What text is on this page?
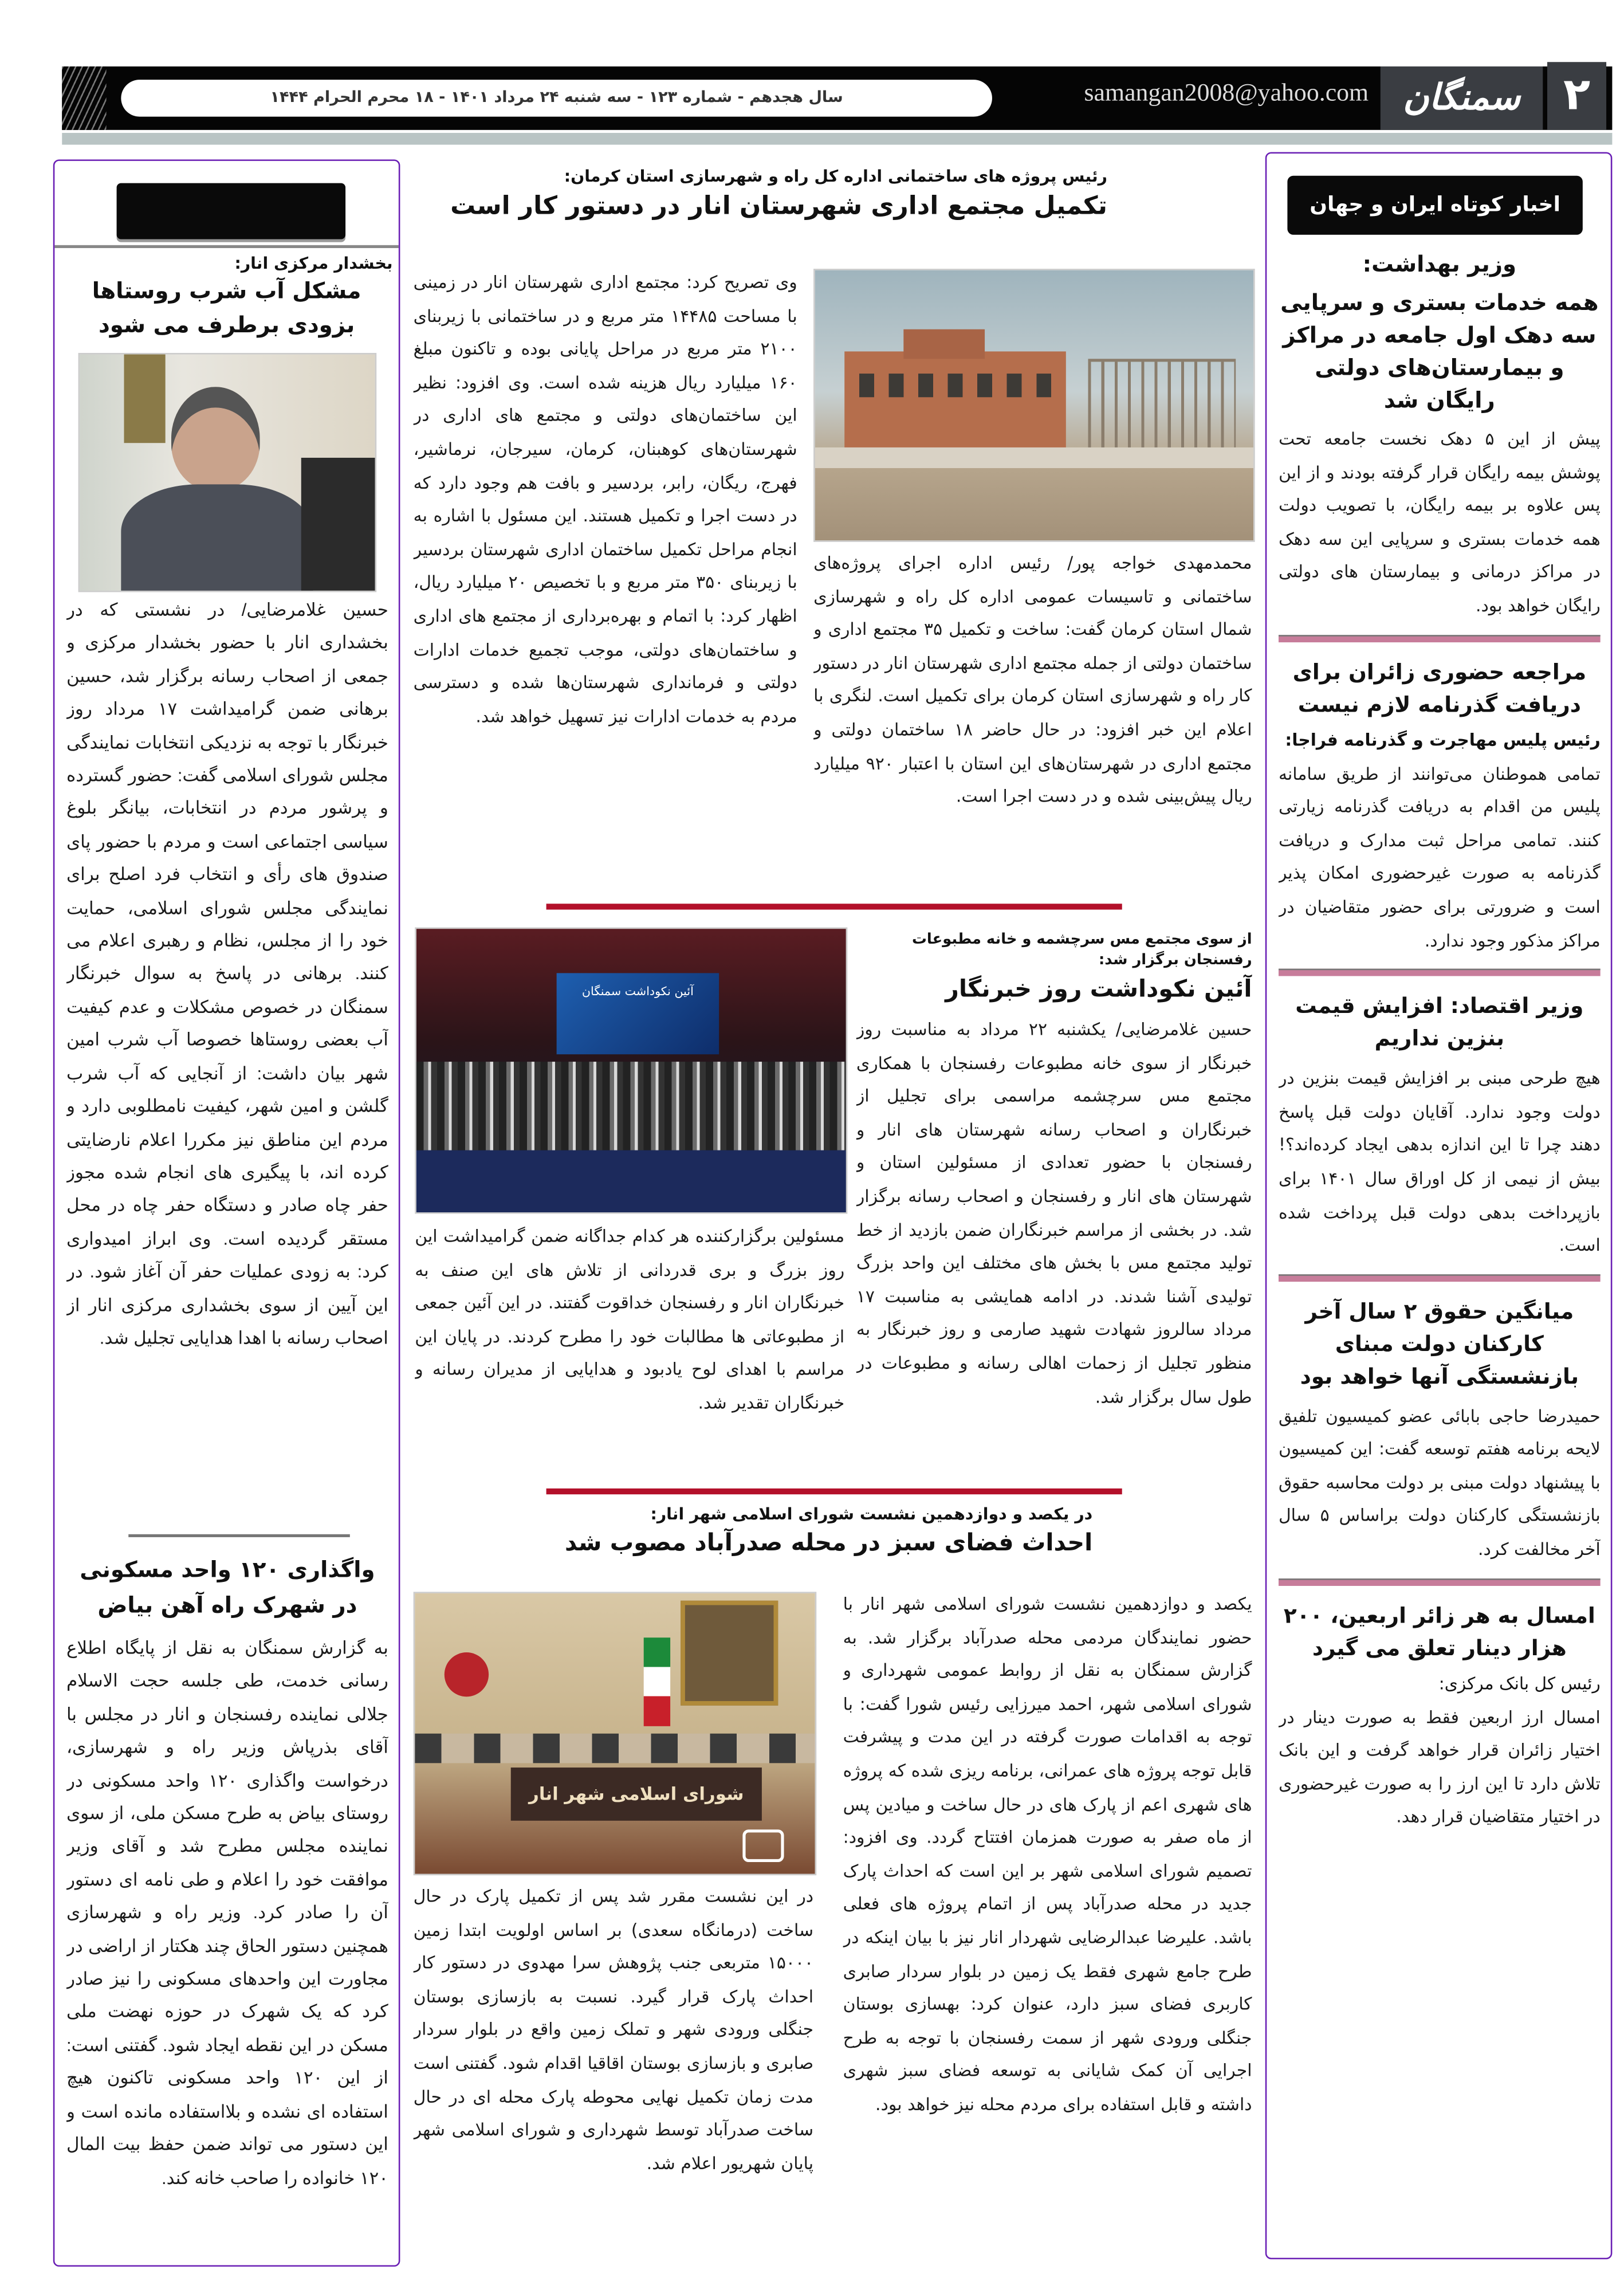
سال هجدهم - شماره ۱۲۳ - سه شنبه ۲۴ مرداد ۱۴۰۱ - ۱۸ محرم الحرام ۱۴۴۴	samangan2008@yahoo.com	سمنگان	۲
اخبار کوتاه ایران و جهان
وزیر بهداشت:
همه خدمات بستری و سرپایی سه دهک اول جامعه در مراکز و بیمارستان‌های دولتی رایگان شد
پیش از این ۵ دهک نخست جامعه تحت پوشش بیمه رایگان قرار گرفته بودند و از این پس علاوه بر بیمه رایگان، با تصویب دولت همه خدمات بستری و سرپایی این سه دهک در مراکز درمانی و بیمارستان های دولتی رایگان خواهد بود.
مراجعه حضوری زائران برای دریافت گذرنامه لازم نیست
رئیس پلیس مهاجرت و گذرنامه فراجا:
تمامی هموطنان می‌توانند از طریق سامانه پلیس من اقدام به دریافت گذرنامه زیارتی کنند. تمامی مراحل ثبت مدارک و دریافت گذرنامه به صورت غیرحضوری امکان پذیر است و ضرورتی برای حضور متقاضیان در مراکز مذکور وجود ندارد.
وزیر اقتصاد: افزایش قیمت بنزین نداریم
هیچ طرحی مبنی بر افزایش قیمت بنزین در دولت وجود ندارد. آقایان دولت قبل پاسخ دهند چرا تا این اندازه بدهی ایجاد کرده‌اند؟! بیش از نیمی از کل اوراق سال ۱۴۰۱ برای بازپرداخت بدهی دولت قبل پرداخت شده است.
میانگین حقوق ۲ سال آخر کارکنان دولت مبنای بازنشستگی آنها خواهد بود
حمیدرضا حاجی بابائی عضو کمیسیون تلفیق لایحه برنامه هفتم توسعه گفت: این کمیسیون با پیشنهاد دولت مبنی بر دولت محاسبه حقوق بازنشستگی کارکنان دولت براساس ۵ سال آخر مخالفت کرد.
امسال به هر زائر اربعین، ۲۰۰ هزار دینار تعلق می گیرد
رئیس کل بانک مرکزی:
امسال ارز اربعین فقط به صورت دینار در اختیار زائران قرار خواهد گرفت و این بانک تلاش دارد تا این ارز را به صورت غیرحضوری در اختیار متقاضیان قرار دهد.
بخشدار مرکزی انار:
مشکل آب شرب روستاها بزودی برطرف می شود
حسین غلامرضایی/ در نشستی که در بخشداری انار با حضور بخشدار مرکزی و جمعی از اصحاب رسانه برگزار شد، حسین برهانی ضمن گرامیداشت ۱۷ مرداد روز خبرنگار با توجه به نزدیکی انتخابات نمایندگی مجلس شورای اسلامی گفت: حضور گسترده و پرشور مردم در انتخابات، بیانگر بلوغ سیاسی اجتماعی است و مردم با حضور پای صندوق های رأی و انتخاب فرد اصلح برای نمایندگی مجلس شورای اسلامی، حمایت خود را از مجلس، نظام و رهبری اعلام می کنند. برهانی در پاسخ به سوال خبرنگار سمنگان در خصوص مشکلات و عدم کیفیت آب بعضی روستاها خصوصا آب شرب امین شهر بیان داشت: از آنجایی که آب شرب گلشن و امین شهر، کیفیت نامطلوبی دارد و مردم این مناطق نیز مکررا اعلام نارضایتی کرده اند، با پیگیری های انجام شده مجوز حفر چاه صادر و دستگاه حفر چاه در محل مستقر گردیده است. وی ابراز امیدواری کرد: به زودی عملیات حفر آن آغاز شود. در این آیین از سوی بخشداری مرکزی انار از اصحاب رسانه با اهدا هدایایی تجلیل شد.
واگذاری ۱۲۰ واحد مسکونی در شهرک راه آهن بیاض
به گزارش سمنگان به نقل از پایگاه اطلاع رسانی خدمت، طی جلسه حجت الاسلام جلالی نماینده رفسنجان و انار در مجلس با آقای بذرپاش وزیر راه و شهرسازی، درخواست واگذاری ۱۲۰ واحد مسکونی در روستای بیاض به طرح مسکن ملی، از سوی نماینده مجلس مطرح شد و آقای وزیر موافقت خود را اعلام و طی نامه ای دستور آن را صادر کرد. وزیر راه و شهرسازی همچنین دستور الحاق چند هکتار از اراضی در مجاورت این واحدهای مسکونی را نیز صادر کرد که یک شهرک در حوزه نهضت ملی مسکن در این نقطه ایجاد شود. گفتنی است: از این ۱۲۰ واحد مسکونی تاکنون هیچ استفاده ای نشده و بلااستفاده مانده است و این دستور می تواند ضمن حفظ بیت المال ۱۲۰ خانواده را صاحب خانه کند.
رئیس پروژه های ساختمانی اداره کل راه و شهرسازی استان کرمان:
تکمیل مجتمع اداری شهرستان انار در دستور کار است
محمدمهدی خواجه پور/ رئیس اداره اجرای پروژه‌های ساختمانی و تاسیسات عمومی اداره کل راه و شهرسازی شمال استان کرمان گفت: ساخت و تکمیل ۳۵ مجتمع اداری و ساختمان دولتی از جمله مجتمع اداری شهرستان انار در دستور کار راه و شهرسازی استان کرمان برای تکمیل است. لنگری با اعلام این خبر افزود: در حال حاضر ۱۸ ساختمان دولتی و مجتمع اداری در شهرستان‌های این استان با اعتبار ۹۲۰ میلیارد ریال پیش‌بینی شده و در دست اجرا است.
وی تصریح کرد: مجتمع اداری شهرستان انار در زمینی با مساحت ۱۴۴۸۵ متر مربع و در ساختمانی با زیربنای ۲۱۰۰ متر مربع در مراحل پایانی بوده و تاکنون مبلغ ۱۶۰ میلیارد ریال هزینه شده است. وی افزود: نظیر این ساختمان‌های دولتی و مجتمع های اداری در شهرستان‌های کوهبنان، کرمان، سیرجان، نرماشیر، فهرج، ریگان، رابر، بردسیر و بافت هم وجود دارد که در دست اجرا و تکمیل هستند. این مسئول با اشاره به انجام مراحل تکمیل ساختمان اداری شهرستان بردسیر با زیربنای ۳۵۰ متر مربع و با تخصیص ۲۰ میلیارد ریال، اظهار کرد: با اتمام و بهره‌برداری از مجتمع های اداری و ساختمان‌های دولتی، موجب تجمیع خدمات ادارات دولتی و فرمانداری شهرستان‌ها شده و دسترسی مردم به خدمات ادارات نیز تسهیل خواهد شد.
آئین نکوداشت سمنگان
از سوی مجتمع مس سرچشمه و خانه مطبوعات رفسنجان برگزار شد:
آئین نکوداشت روز خبرنگار
حسین غلامرضایی/ یکشنبه ۲۲ مرداد به مناسبت روز خبرنگار از سوی خانه مطبوعات رفسنجان با همکاری مجتمع مس سرچشمه مراسمی برای تجلیل از خبرنگاران و اصحاب رسانه شهرستان های انار و رفسنجان با حضور تعدادی از مسئولین استان و شهرستان های انار و رفسنجان و اصحاب رسانه برگزار شد. در بخشی از مراسم خبرنگاران ضمن بازدید از خط تولید مجتمع مس با بخش های مختلف این واحد بزرگ تولیدی آشنا شدند. در ادامه همایشی به مناسبت ۱۷ مرداد سالروز شهادت شهید صارمی و روز خبرنگار به منظور تجلیل از زحمات اهالی رسانه و مطبوعات در طول سال برگزار شد.
مسئولین برگزارکننده هر کدام جداگانه ضمن گرامیداشت این روز بزرگ و بری قدردانی از تلاش های این صنف به خبرنگاران انار و رفسنجان خداقوت گفتند. در این آئین جمعی از مطبوعاتی ها مطالبات خود را مطرح کردند. در پایان این مراسم با اهدای لوح یادبود و هدایایی از مدیران رسانه و خبرنگاران تقدیر شد.
در یکصد و دوازدهمین نشست شورای اسلامی شهر انار:
احداث فضای سبز در محله صدرآباد مصوب شد
شورای اسلامی شهر انار
یکصد و دوازدهمین نشست شورای اسلامی شهر انار با حضور نمایندگان مردمی محله صدرآباد برگزار شد. به گزارش سمنگان به نقل از روابط عمومی شهرداری و شورای اسلامی شهر، احمد میرزایی رئیس شورا گفت: با توجه به اقدامات صورت گرفته در این مدت و پیشرفت قابل توجه پروژه های عمرانی، برنامه ریزی شده که پروژه های شهری اعم از پارک های در حال ساخت و میادین پس از ماه صفر به صورت همزمان افتتاح گردد. وی افزود: تصمیم شورای اسلامی شهر بر این است که احداث پارک جدید در محله صدرآباد پس از اتمام پروژه های فعلی باشد. علیرضا عبدالرضایی شهردار انار نیز با بیان اینکه در طرح جامع شهری فقط یک زمین در بلوار سردار صابری کاربری فضای سبز دارد، عنوان کرد: بهسازی بوستان جنگلی ورودی شهر از سمت رفسنجان با توجه به طرح اجرایی آن کمک شایانی به توسعه فضای سبز شهری داشته و قابل استفاده برای مردم محله نیز خواهد بود.
در این نشست مقرر شد پس از تکمیل پارک در حال ساخت (درمانگاه سعدی) بر اساس اولویت ابتدا زمین ۱۵۰۰۰ متربعی جنب پژوهش سرا مهدوی در دستور کار احداث پارک قرار گیرد. نسبت به بازسازی بوستان جنگلی ورودی شهر و تملک زمین واقع در بلوار سردار صابری و بازسازی بوستان اقاقیا اقدام شود. گفتنی است مدت زمان تکمیل نهایی محوطه پارک محله ای در حال ساخت صدرآباد توسط شهرداری و شورای اسلامی شهر پایان شهریور اعلام شد.
